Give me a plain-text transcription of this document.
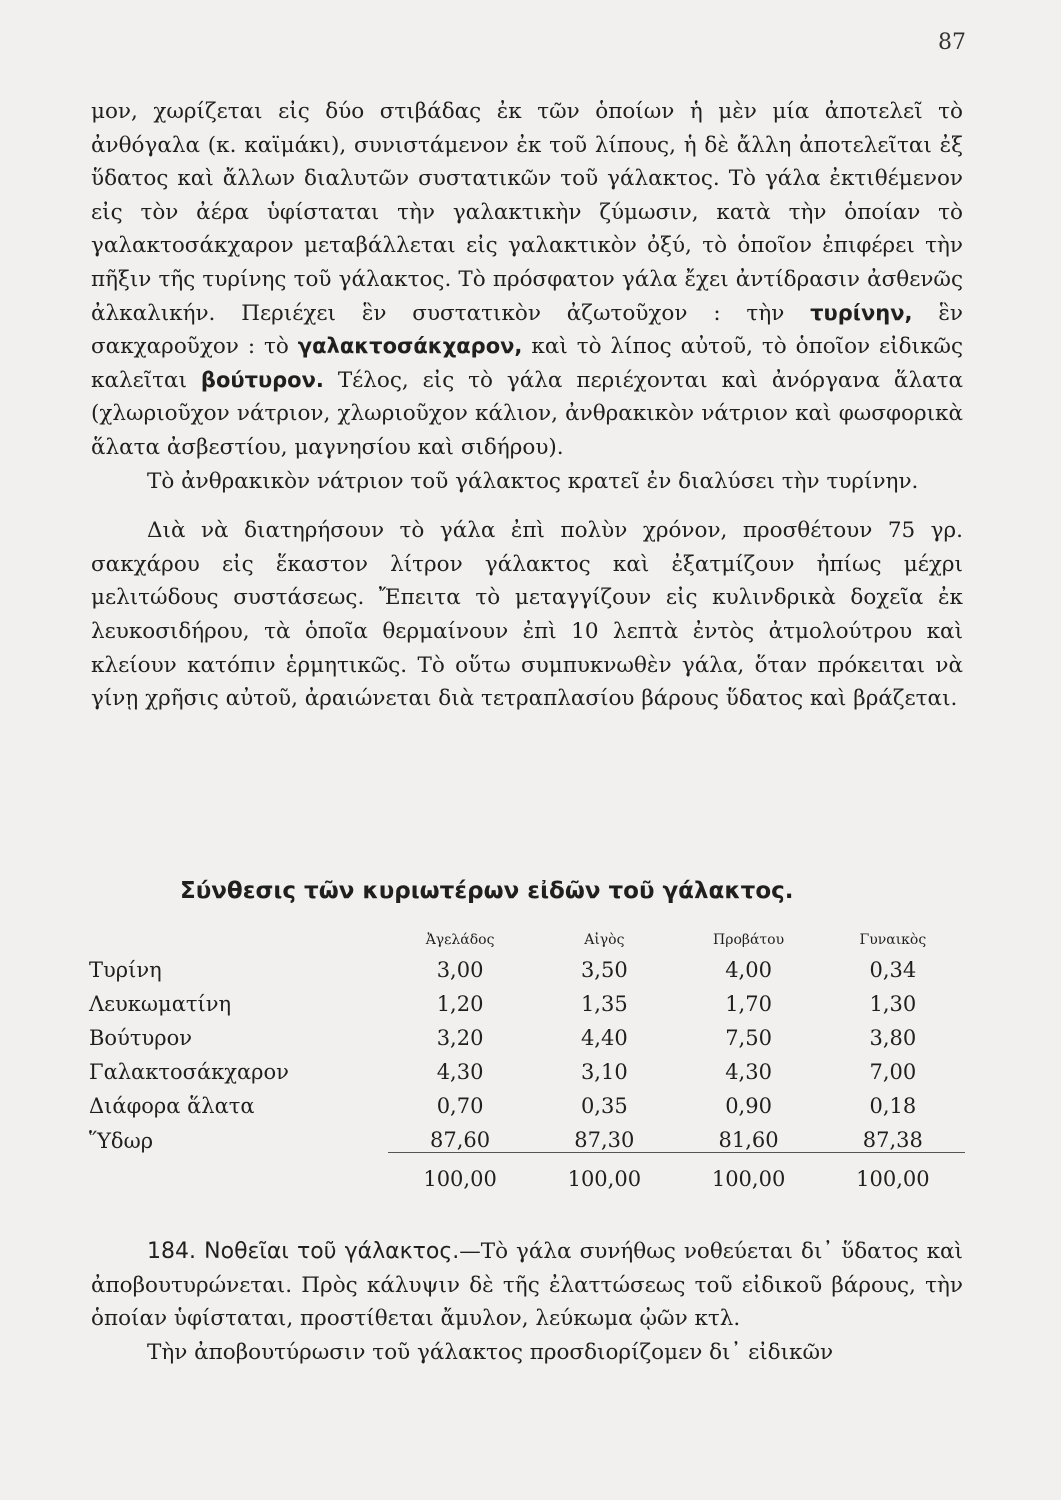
87

μον, χωρίζεται εἰς δύο στιβάδας ἐκ τῶν ὁποίων ἡ μὲν μία ἀποτελεῖ τὸ ἀνθόγαλα (κ. καϊμάκι), συνιστάμενον ἐκ τοῦ λίπους, ἡ δὲ ἄλλη ἀποτελεῖται ἐξ ὕδατος καὶ ἄλλων διαλυτῶν συστατικῶν τοῦ γάλακτος. Τὸ γάλα ἐκτιθέμενον εἰς τὸν ἀέρα ὑφίσταται τὴν γαλακτικὴν ζύμωσιν, κατὰ τὴν ὁποίαν τὸ γαλακτοσάκχαρον μεταβάλλεται εἰς γαλακτικὸν ὀξύ, τὸ ὁποῖον ἐπιφέρει τὴν πῆξιν τῆς τυρίνης τοῦ γάλακτος. Τὸ πρόσφατον γάλα ἔχει ἀντίδρασιν ἀσθενῶς ἀλκαλικήν. Περιέχει ἓν συστατικὸν ἀζωτοῦχον : τὴν τυρίνην, ἓν σακχαροῦχον : τὸ γαλακτοσάκχαρον, καὶ τὸ λίπος αὐτοῦ, τὸ ὁποῖον εἰδικῶς καλεῖται βούτυρον. Τέλος, εἰς τὸ γάλα περιέχονται καὶ ἀνόργανα ἅλατα (χλωριοῦχον νάτριον, χλωριοῦχον κάλιον, ἀνθρακικὸν νάτριον καὶ φωσφορικὰ ἅλατα ἀσβεστίου, μαγνησίου καὶ σιδήρου).

Τὸ ἀνθρακικὸν νάτριον τοῦ γάλακτος κρατεῖ ἐν διαλύσει τὴν τυρίνην.

Διὰ νὰ διατηρήσουν τὸ γάλα ἐπὶ πολὺν χρόνον, προσθέτουν 75 γρ. σακχάρου εἰς ἕκαστον λίτρον γάλακτος καὶ ἐξατμίζουν ἠπίως μέχρι μελιτώδους συστάσεως. Ἔπειτα τὸ μεταγγίζουν εἰς κυλινδρικὰ δοχεῖα ἐκ λευκοσιδήρου, τὰ ὁποῖα θερμαίνουν ἐπὶ 10 λεπτὰ ἐντὸς ἀτμολούτρου καὶ κλείουν κατόπιν ἑρμητικῶς. Τὸ οὕτω συμπυκνωθὲν γάλα, ὅταν πρόκειται νὰ γίνῃ χρῆσις αὐτοῦ, ἀραιώνεται διὰ τετραπλασίου βάρους ὕδατος καὶ βράζεται.

Σύνθεσις τῶν κυριωτέρων εἰδῶν τοῦ γάλακτος.
	Ἀγελάδος	Αἰγὸς	Προβάτου	Γυναικὸς
Τυρίνη	3,00	3,50	4,00	0,34
Λευκωματίνη	1,20	1,35	1,70	1,30
Βούτυρον	3,20	4,40	7,50	3,80
Γαλακτοσάκχαρον	4,30	3,10	4,30	7,00
Διάφορα ἅλατα	0,70	0,35	0,90	0,18
Ὕδωρ	87,60	87,30	81,60	87,38
	100,00	100,00	100,00	100,00

184. Νοθεῖαι τοῦ γάλακτος.—Τὸ γάλα συνήθως νοθεύεται δι᾽ ὕδατος καὶ ἀποβουτυρώνεται. Πρὸς κάλυψιν δὲ τῆς ἐλαττώσεως τοῦ εἰδικοῦ βάρους, τὴν ὁποίαν ὑφίσταται, προστίθεται ἄμυλον, λεύκωμα ᾠῶν κτλ.

Τὴν ἀποβουτύρωσιν τοῦ γάλακτος προσδιορίζομεν δι᾽ εἰδικῶν
